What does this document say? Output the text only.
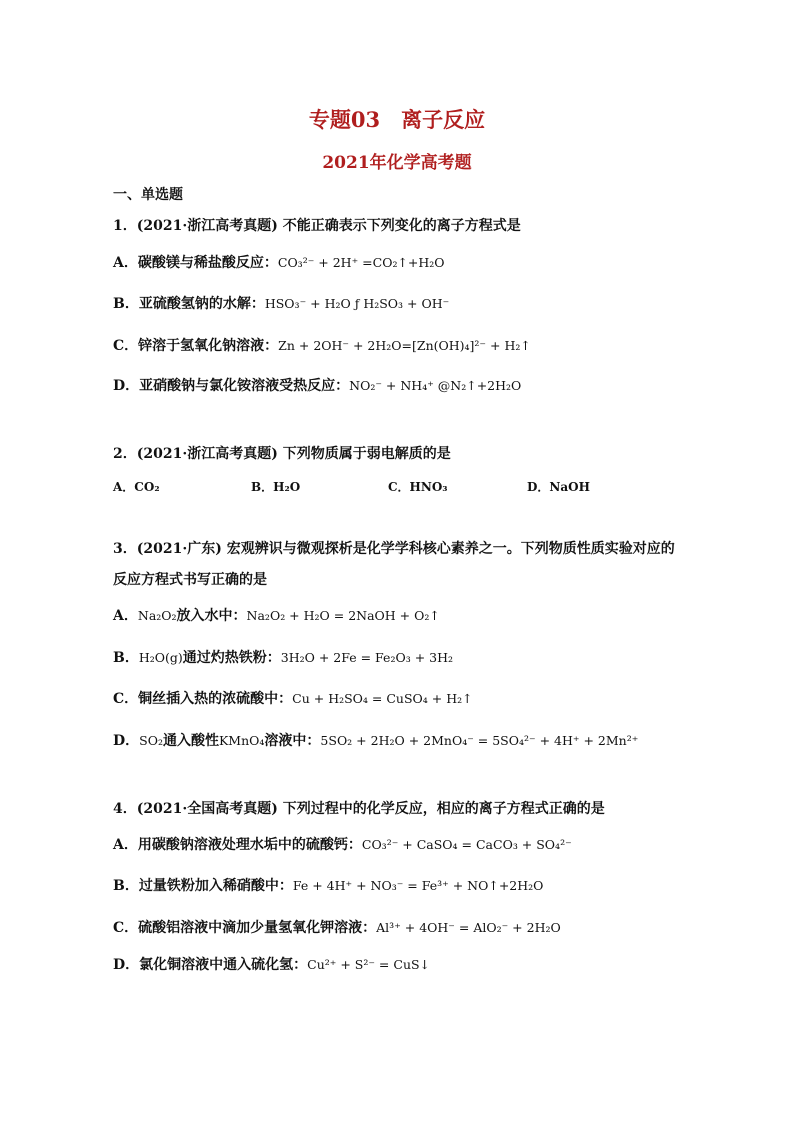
专题03　离子反应
2021年化学高考题
一、单选题
1．(2021·浙江高考真题) 不能正确表示下列变化的离子方程式是
A．碳酸镁与稀盐酸反应：CO₃²⁻ + 2H⁺ =CO₂↑+H₂O
B．亚硫酸氢钠的水解：HSO₃⁻ + H₂O ƒ H₂SO₃ + OH⁻
C．锌溶于氢氧化钠溶液：Zn + 2OH⁻ + 2H₂O=[Zn(OH)₄]²⁻ + H₂↑
D．亚硝酸钠与氯化铵溶液受热反应：NO₂⁻ + NH₄⁺ @N₂↑+2H₂O
2．(2021·浙江高考真题) 下列物质属于弱电解质的是
A．CO₂	B．H₂O	C．HNO₃	D．NaOH
3．(2021·广东) 宏观辨识与微观探析是化学学科核心素养之一。下列物质性质实验对应的
反应方程式书写正确的是
A．Na₂O₂放入水中：Na₂O₂ + H₂O = 2NaOH + O₂↑
B．H₂O(g)通过灼热铁粉：3H₂O + 2Fe = Fe₂O₃ + 3H₂
C．铜丝插入热的浓硫酸中：Cu + H₂SO₄ = CuSO₄ + H₂↑
D．SO₂通入酸性KMnO₄溶液中：5SO₂ + 2H₂O + 2MnO₄⁻ = 5SO₄²⁻ + 4H⁺ + 2Mn²⁺
4．(2021·全国高考真题) 下列过程中的化学反应，相应的离子方程式正确的是
A．用碳酸钠溶液处理水垢中的硫酸钙：CO₃²⁻ + CaSO₄ = CaCO₃ + SO₄²⁻
B．过量铁粉加入稀硝酸中：Fe + 4H⁺ + NO₃⁻ = Fe³⁺ + NO↑+2H₂O
C．硫酸铝溶液中滴加少量氢氧化钾溶液：Al³⁺ + 4OH⁻ = AlO₂⁻ + 2H₂O
D．氯化铜溶液中通入硫化氢：Cu²⁺ + S²⁻ = CuS↓
